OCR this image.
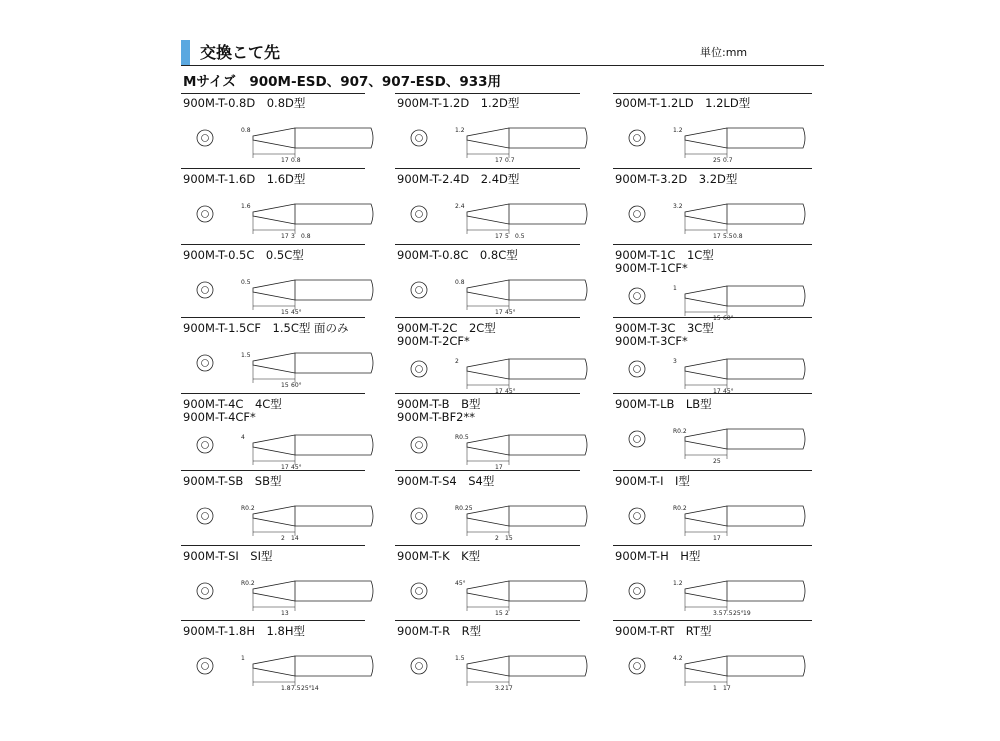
交換こて先	単位:mm
Mサイズ　900M-ESD、907、907-ESD、933用
900M-T-0.8D　 0.8D型
0.8
17 0.8
900M-T-1.2D　 1.2D型
1.2
17 0.7
900M-T-1.2LD　 1.2LD型
1.2
25 0.7
900M-T-1.6D　 1.6D型
1.6
17 3 0.8
900M-T-2.4D　 2.4D型
2.4
17 5 0.5
900M-T-3.2D　 3.2D型
3.2
17 5.5 0.8
900M-T-0.5C　 0.5C型
0.5
15 45°
900M-T-0.8C　 0.8C型
0.8
17 45°
900M-T-1C　 1C型
900M-T-1CF*
1
15 60°
900M-T-1.5CF　 1.5C型 面のみ
1.5
15 60°
900M-T-2C　 2C型
900M-T-2CF*
2
17 45°
900M-T-3C　 3C型
900M-T-3CF*
3
17 45°
900M-T-4C　 4C型
900M-T-4CF*
4
17 45°
900M-T-B　 B型
900M-T-BF2**
R0.5
17
900M-T-LB　 LB型
R0.2
25
900M-T-SB　 SB型
R0.2
2 14
900M-T-S4　 S4型
R0.25
2 15
900M-T-I　 I型
R0.2
17
900M-T-SI　 SI型
R0.2
13
900M-T-K　 K型
45°
15 2
900M-T-H　 H型
1.2
3.5 7.5 25° 19
900M-T-1.8H　 1.8H型
1
1.8 7.5 25° 14
900M-T-R　 R型
1.5
3.2 17
900M-T-RT　 RT型
4.2
1 17
